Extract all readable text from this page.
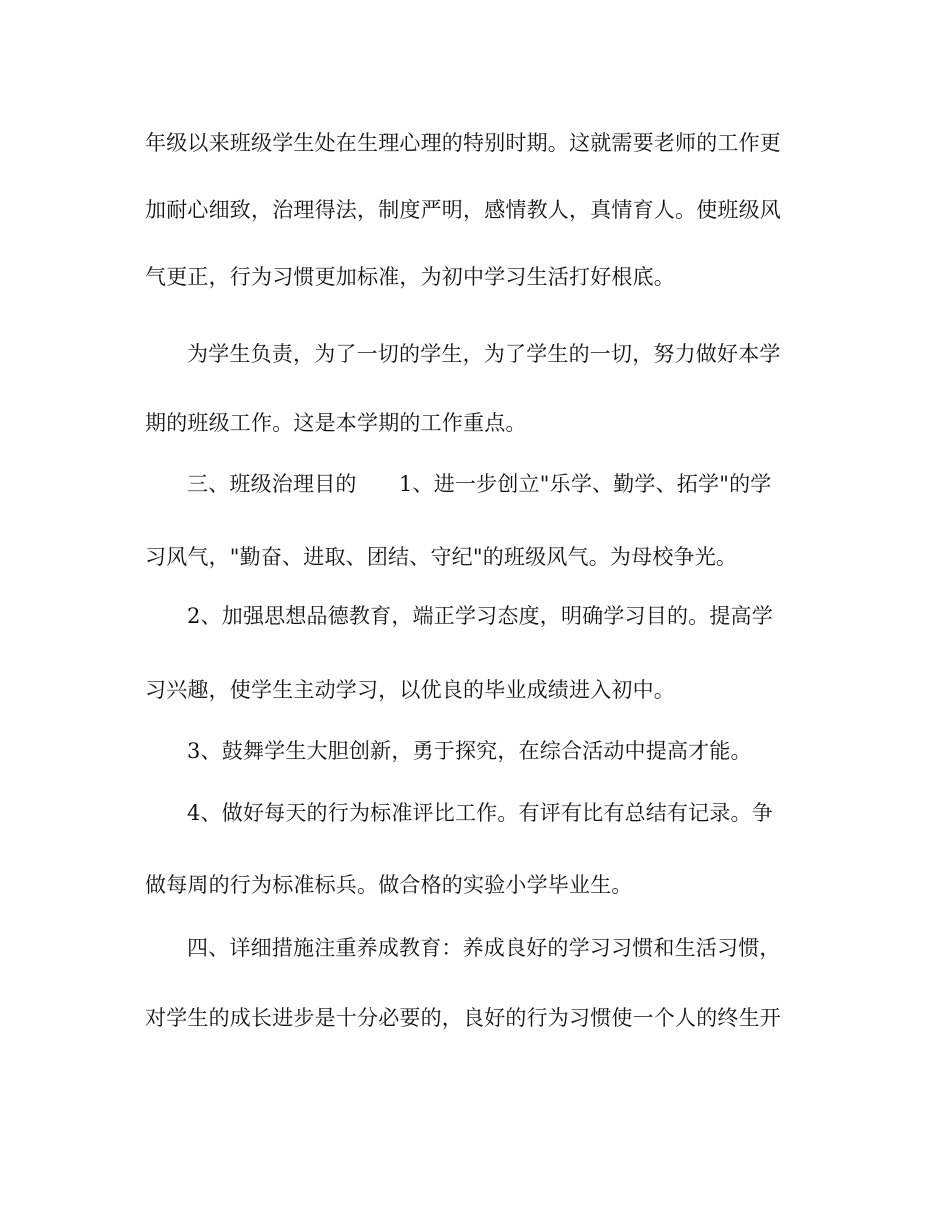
年级以来班级学生处在生理心理的特别时期。这就需要老师的工作更
加耐心细致，治理得法，制度严明，感情教人，真情育人。使班级风
气更正，行为习惯更加标准，为初中学习生活打好根底。
为学生负责，为了一切的学生，为了学生的一切，努力做好本学
期的班级工作。这是本学期的工作重点。
三、班级治理目的　　1、进一步创立"乐学、勤学、拓学"的学
习风气，"勤奋、进取、团结、守纪"的班级风气。为母校争光。
2、加强思想品德教育，端正学习态度，明确学习目的。提高学
习兴趣，使学生主动学习，以优良的毕业成绩进入初中。
3、鼓舞学生大胆创新，勇于探究，在综合活动中提高才能。
4、做好每天的行为标准评比工作。有评有比有总结有记录。争
做每周的行为标准标兵。做合格的实验小学毕业生。
四、详细措施注重养成教育：养成良好的学习习惯和生活习惯，
对学生的成长进步是十分必要的，良好的行为习惯使一个人的终生开
